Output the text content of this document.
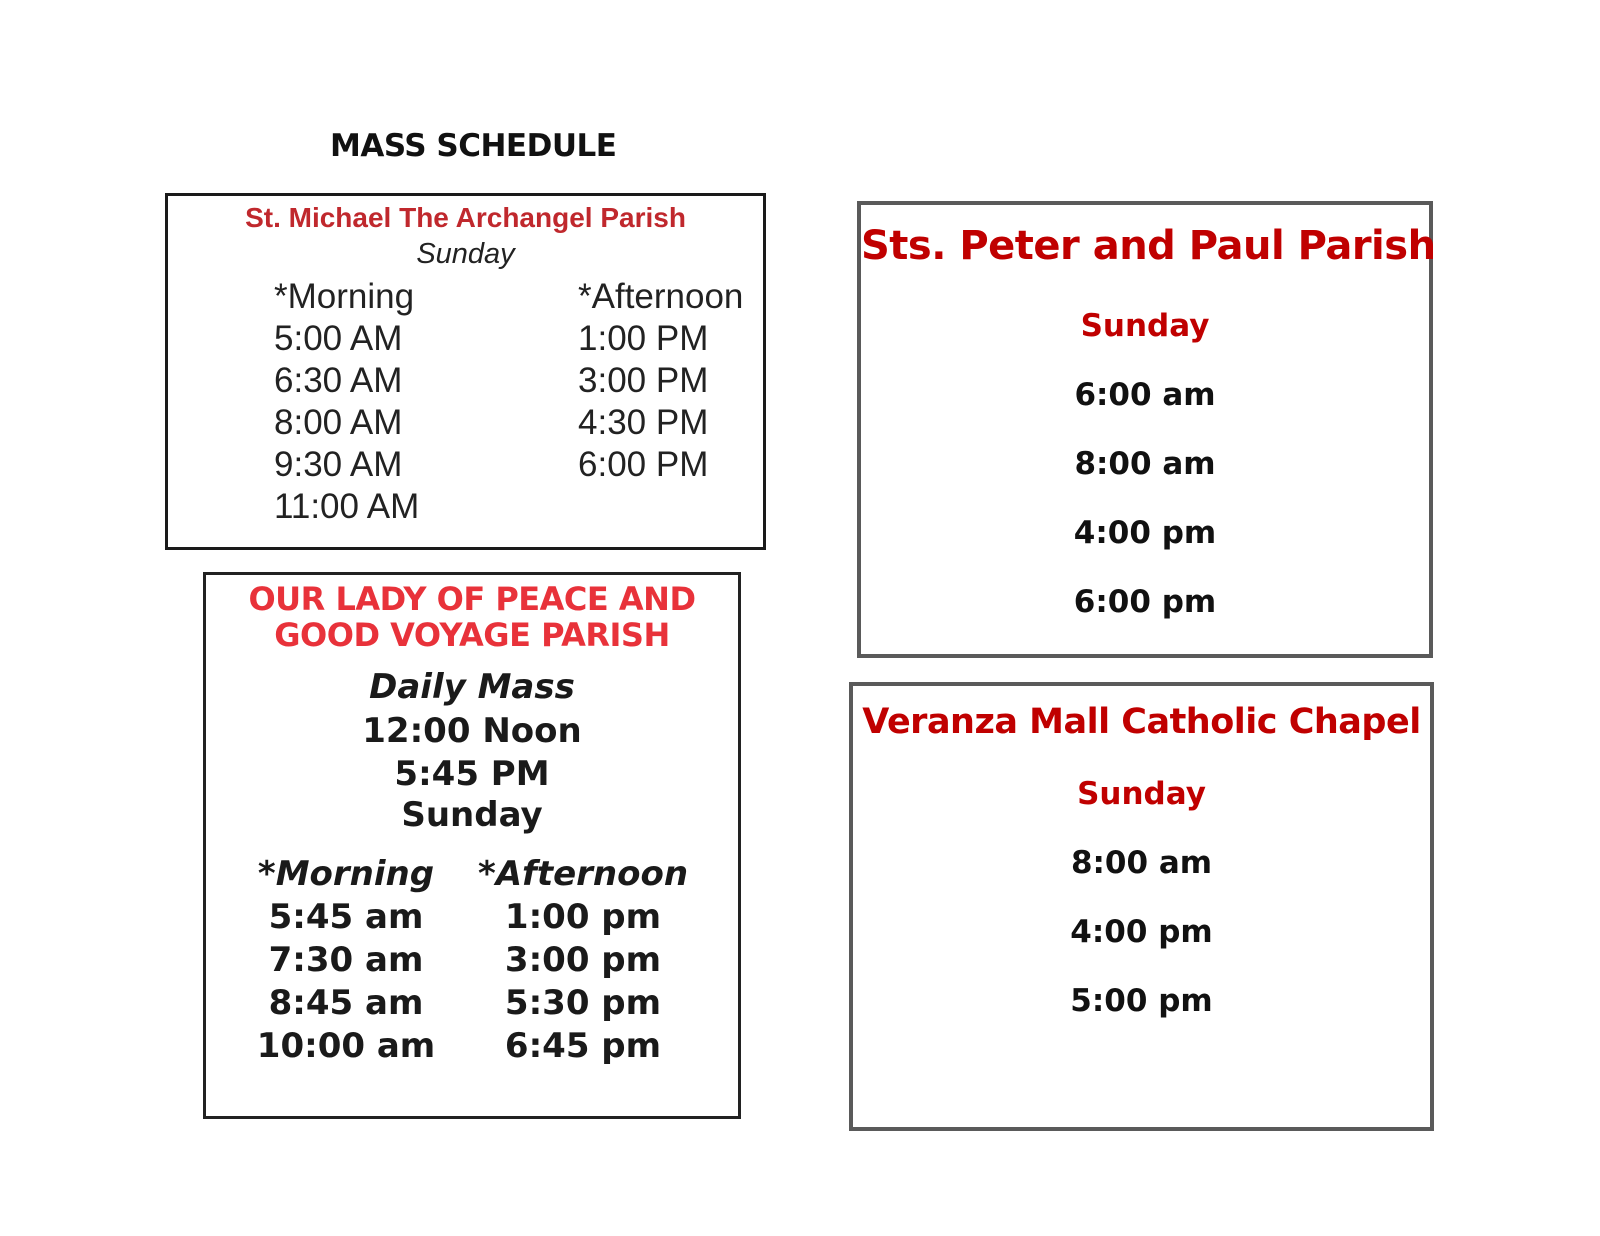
MASS SCHEDULE
St. Michael The Archangel Parish
Sunday
*Morning
5:00 AM
6:30 AM
8:00 AM
9:30 AM
11:00 AM
*Afternoon
1:00 PM
3:00 PM
4:30 PM
6:00 PM
OUR LADY OF PEACE AND
GOOD VOYAGE PARISH
Daily Mass
12:00 Noon
5:45 PM
Sunday
*Morning
5:45 am
7:30 am
8:45 am
10:00 am
*Afternoon
1:00 pm
3:00 pm
5:30 pm
6:45 pm
Sts. Peter and Paul Parish
Sunday
6:00 am
8:00 am
4:00 pm
6:00 pm
Veranza Mall Catholic Chapel
Sunday
8:00 am
4:00 pm
5:00 pm
